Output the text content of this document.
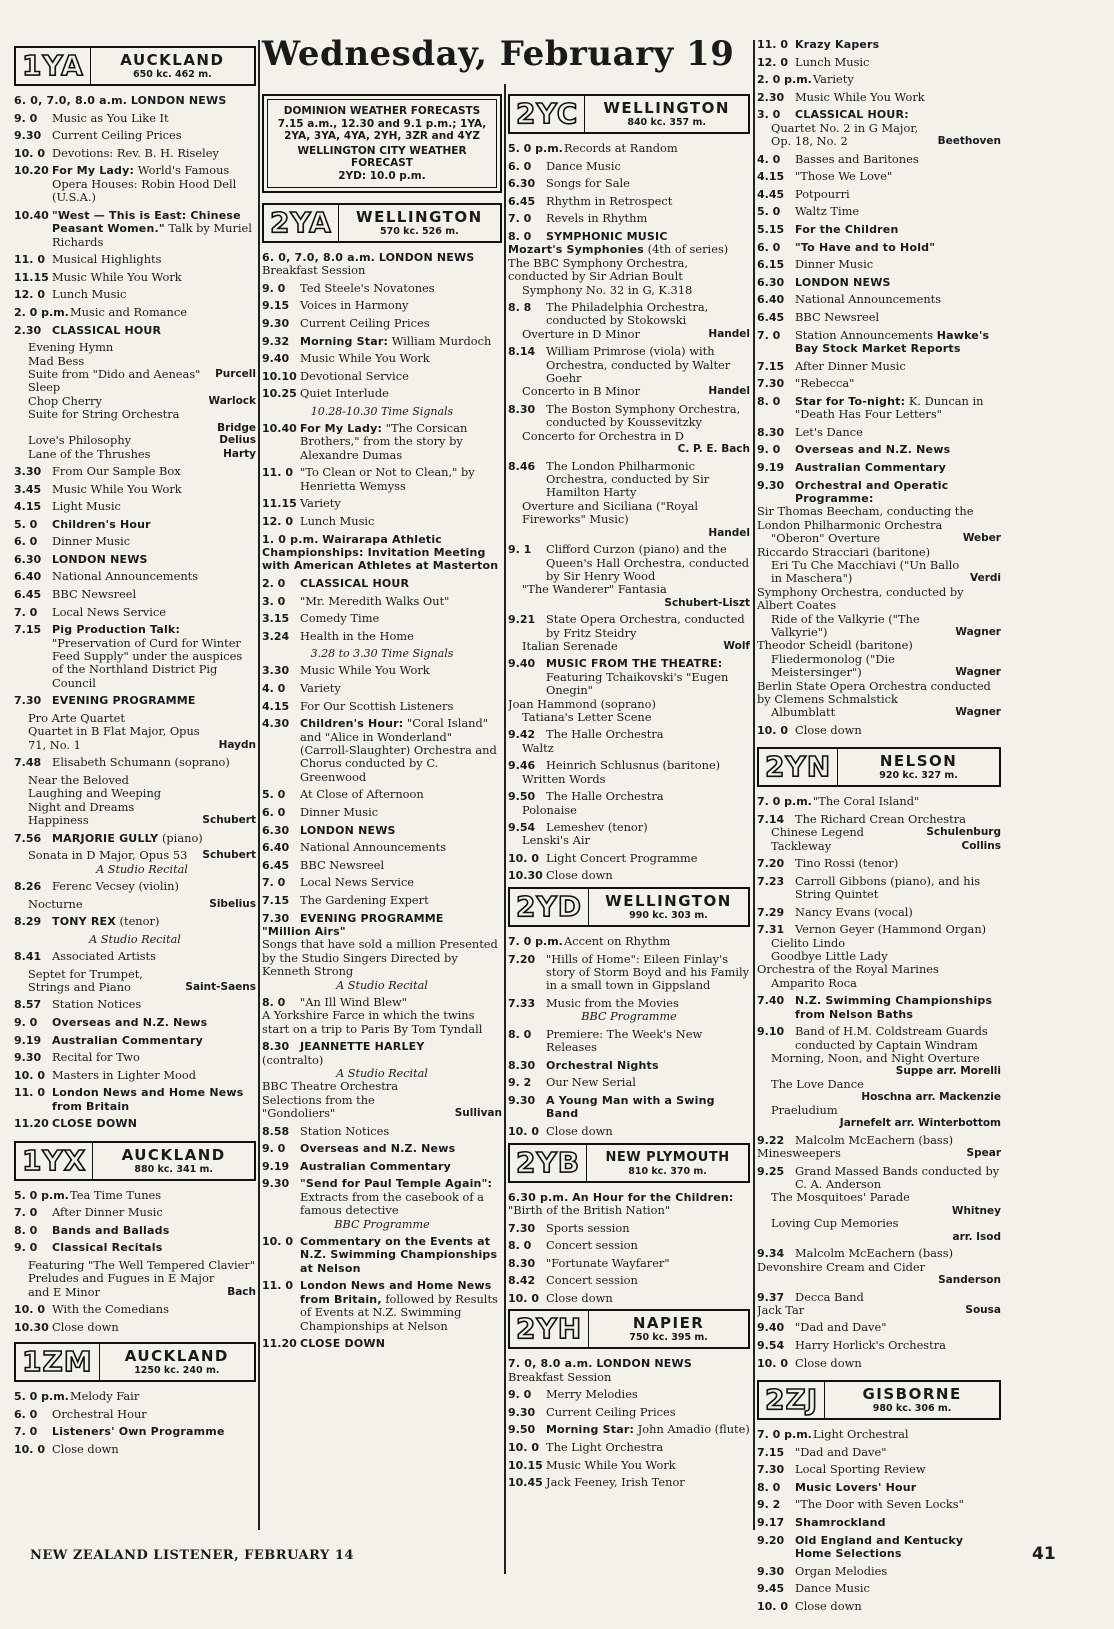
Wednesday, February 19
1YA	AUCKLAND
650 kc. 462 m.
6. 0, 7.0, 8.0 a.m. LONDON NEWS
9. 0	Music as You Like It
9.30 Current Ceiling Prices
10. 0 Devotions: Rev. B. H. Riseley
10.20 For My Lady: World's Famous Opera Houses: Robin Hood Dell (U.S.A.)
10.40 "West — This is East: Chinese Peasant Women." Talk by Muriel Richards
11. 0 Musical Highlights
11.15 Music While You Work
12. 0 Lunch Music
2. 0 p.m. Music and Romance
2.30 CLASSICAL HOUR
Evening Hymn
Mad Bess
Suite from "Dido and Aeneas" Purcell
Sleep
Chop Cherry	Warlock
Suite for String Orchestra
Bridge
Love's Philosophy	Delius
Lane of the Thrushes	Harty
3.30 From Our Sample Box
3.45 Music While You Work
4.15 Light Music
5. 0	Children's Hour
6. 0	Dinner Music
6.30 LONDON NEWS
6.40 National Announcements
6.45 BBC Newsreel
7. 0	Local News Service
7.15 Pig Production Talk: "Preservation of Curd for Winter Feed Supply" under the auspices of the Northland District Pig Council
7.30 EVENING PROGRAMME
Pro Arte Quartet
Quartet in B Flat Major, Opus 71, No. 1	Haydn
7.48 Elisabeth Schumann (soprano)
Near the Beloved
Laughing and Weeping
Night and Dreams
Happiness	Schubert
7.56 MARJORIE GULLY (piano)
Sonata in D Major, Opus 53 Schubert
A Studio Recital
8.26 Ferenc Vecsey (violin)
Nocturne	Sibelius
8.29 TONY REX (tenor)
A Studio Recital
8.41 Associated Artists
Septet for Trumpet, Strings and Piano	Saint-Saens
8.57 Station Notices
9. 0	Overseas and N.Z. News
9.19 Australian Commentary
9.30 Recital for Two
10. 0 Masters in Lighter Mood
11. 0 London News and Home News from Britain
11.20 CLOSE DOWN
1YX	AUCKLAND
880 kc. 341 m.
5. 0 p.m. Tea Time Tunes
7. 0	After Dinner Music
8. 0	Bands and Ballads
9. 0	Classical Recitals
Featuring "The Well Tempered Clavier"
Preludes and Fugues in E Major and E Minor	Bach
10. 0 With the Comedians
10.30 Close down
1ZM	AUCKLAND
1250 kc. 240 m.
5. 0 p.m. Melody Fair
6. 0	Orchestral Hour
7. 0	Listeners' Own Programme
10. 0 Close down
DOMINION WEATHER FORECASTS
7.15 a.m., 12.30 and 9.1 p.m.; 1YA, 2YA, 3YA, 4YA, 2YH, 3ZR and 4YZ
WELLINGTON CITY WEATHER FORECAST
2YD: 10.0 p.m.
2YA	WELLINGTON
570 kc. 526 m.
6. 0, 7.0, 8.0 a.m. LONDON NEWS
Breakfast Session
9. 0	Ted Steele's Novatones
9.15 Voices in Harmony
9.30 Current Ceiling Prices
9.32 Morning Star: William Murdoch
9.40 Music While You Work
10.10 Devotional Service
10.25 Quiet Interlude
10.28-10.30 Time Signals
10.40 For My Lady: "The Corsican Brothers," from the story by Alexandre Dumas
11. 0 "To Clean or Not to Clean," by Henrietta Wemyss
11.15 Variety
12. 0 Lunch Music
1. 0 p.m. Wairarapa Athletic Championships: Invitation Meeting with American Athletes at Masterton
2. 0	CLASSICAL HOUR
3. 0	"Mr. Meredith Walks Out"
3.15 Comedy Time
3.24 Health in the Home
3.28 to 3.30 Time Signals
3.30 Music While You Work
4. 0	Variety
4.15 For Our Scottish Listeners
4.30 Children's Hour: "Coral Island" and "Alice in Wonderland" (Carroll-Slaughter) Orchestra and Chorus conducted by C. Greenwood
5. 0	At Close of Afternoon
6. 0	Dinner Music
6.30 LONDON NEWS
6.40 National Announcements
6.45 BBC Newsreel
7. 0	Local News Service
7.15 The Gardening Expert
7.30 EVENING PROGRAMME
"Million Airs"
Songs that have sold a million Presented by the Studio Singers Directed by Kenneth Strong
A Studio Recital
8. 0	"An Ill Wind Blew"
A Yorkshire Farce in which the twins start on a trip to Paris By Tom Tyndall
8.30 JEANNETTE HARLEY
(contralto)
A Studio Recital
BBC Theatre Orchestra
Selections from the "Gondoliers"	Sullivan
8.58 Station Notices
9. 0	Overseas and N.Z. News
9.19 Australian Commentary
9.30 "Send for Paul Temple Again": Extracts from the casebook of a famous detective
BBC Programme
10. 0 Commentary on the Events at N.Z. Swimming Championships at Nelson
11. 0 London News and Home News from Britain, followed by Results of Events at N.Z. Swimming Championships at Nelson
11.20 CLOSE DOWN
2YC	WELLINGTON
840 kc. 357 m.
5. 0 p.m. Records at Random
6. 0	Dance Music
6.30 Songs for Sale
6.45 Rhythm in Retrospect
7. 0	Revels in Rhythm
8. 0	SYMPHONIC MUSIC
Mozart's Symphonies (4th of series)
The BBC Symphony Orchestra, conducted by Sir Adrian Boult
Symphony No. 32 in G, K.318
8. 8	The Philadelphia Orchestra, conducted by Stokowski
Overture in D Minor	Handel
8.14 William Primrose (viola) with Orchestra, conducted by Walter Goehr
Concerto in B Minor	Handel
8.30 The Boston Symphony Orchestra, conducted by Koussevitzky
Concerto for Orchestra in D
C. P. E. Bach
8.46 The London Philharmonic Orchestra, conducted by Sir Hamilton Harty
Overture and Siciliana ("Royal Fireworks" Music)
Handel
9. 1	Clifford Curzon (piano) and the Queen's Hall Orchestra, conducted by Sir Henry Wood
"The Wanderer" Fantasia
Schubert-Liszt
9.21 State Opera Orchestra, conducted by Fritz Steidry
Italian Serenade	Wolf
9.40 MUSIC FROM THE THEATRE: Featuring Tchaikovski's "Eugen Onegin"
Joan Hammond (soprano)
Tatiana's Letter Scene
9.42 The Halle Orchestra
Waltz
9.46 Heinrich Schlusnus (baritone)
Written Words
9.50 The Halle Orchestra
Polonaise
9.54 Lemeshev (tenor)
Lenski's Air
10. 0 Light Concert Programme
10.30 Close down
2YD	WELLINGTON
990 kc. 303 m.
7. 0 p.m. Accent on Rhythm
7.20 "Hills of Home": Eileen Finlay's story of Storm Boyd and his Family in a small town in Gippsland
7.33 Music from the Movies
BBC Programme
8. 0	Premiere: The Week's New Releases
8.30 Orchestral Nights
9. 2	Our New Serial
9.30 A Young Man with a Swing Band
10. 0 Close down
2YB	NEW PLYMOUTH
810 kc. 370 m.
6.30 p.m. An Hour for the Children: "Birth of the British Nation"
7.30 Sports session
8. 0	Concert session
8.30 "Fortunate Wayfarer"
8.42 Concert session
10. 0 Close down
2YH	NAPIER
750 kc. 395 m.
7. 0, 8.0 a.m. LONDON NEWS
Breakfast Session
9. 0	Merry Melodies
9.30 Current Ceiling Prices
9.50 Morning Star: John Amadio (flute)
10. 0 The Light Orchestra
10.15 Music While You Work
10.45 Jack Feeney, Irish Tenor
11. 0 Krazy Kapers
12. 0 Lunch Music
2. 0 p.m. Variety
2.30 Music While You Work
3. 0	CLASSICAL HOUR:
Quartet No. 2 in G Major, Op. 18, No. 2	Beethoven
4. 0	Basses and Baritones
4.15 "Those We Love"
4.45 Potpourri
5. 0	Waltz Time
5.15 For the Children
6. 0	"To Have and to Hold"
6.15 Dinner Music
6.30 LONDON NEWS
6.40 National Announcements
6.45 BBC Newsreel
7. 0	Station Announcements Hawke's Bay Stock Market Reports
7.15 After Dinner Music
7.30 "Rebecca"
8. 0	Star for To-night: K. Duncan in "Death Has Four Letters"
8.30 Let's Dance
9. 0	Overseas and N.Z. News
9.19 Australian Commentary
9.30 Orchestral and Operatic Programme:
Sir Thomas Beecham, conducting the London Philharmonic Orchestra
"Oberon" Overture	Weber
Riccardo Stracciari (baritone)
Eri Tu Che Macchiavi ("Un Ballo in Maschera")	Verdi
Symphony Orchestra, conducted by Albert Coates
Ride of the Valkyrie ("The Valkyrie")	Wagner
Theodor Scheidl (baritone)
Fliedermonolog ("Die Meistersinger")	Wagner
Berlin State Opera Orchestra conducted by Clemens Schmalstick
Albumblatt	Wagner
10. 0 Close down
2YN	NELSON
920 kc. 327 m.
7. 0 p.m. "The Coral Island"
7.14 The Richard Crean Orchestra
Chinese Legend	Schulenburg
Tackleway	Collins
7.20 Tino Rossi (tenor)
7.23 Carroll Gibbons (piano), and his String Quintet
7.29 Nancy Evans (vocal)
7.31 Vernon Geyer (Hammond Organ)
Cielito Lindo
Goodbye Little Lady
Orchestra of the Royal Marines
Amparito Roca
7.40 N.Z. Swimming Championships from Nelson Baths
9.10 Band of H.M. Coldstream Guards conducted by Captain Windram
Morning, Noon, and Night Overture
Suppe arr. Morelli
The Love Dance
Hoschna arr. Mackenzie
Praeludium
Jarnefelt arr. Winterbottom
9.22 Malcolm McEachern (bass)
Minesweepers	Spear
9.25 Grand Massed Bands conducted by C. A. Anderson
The Mosquitoes' Parade
Whitney
Loving Cup Memories
arr. Isod
9.34 Malcolm McEachern (bass)
Devonshire Cream and Cider
Sanderson
9.37 Decca Band
Jack Tar	Sousa
9.40 "Dad and Dave"
9.54 Harry Horlick's Orchestra
10. 0 Close down
2ZJ	GISBORNE
980 kc. 306 m.
7. 0 p.m. Light Orchestral
7.15 "Dad and Dave"
7.30 Local Sporting Review
8. 0	Music Lovers' Hour
9. 2	"The Door with Seven Locks"
9.17 Shamrockland
9.20 Old England and Kentucky Home Selections
9.30 Organ Melodies
9.45 Dance Music
10. 0 Close down
NEW ZEALAND LISTENER, FEBRUARY 14	41
